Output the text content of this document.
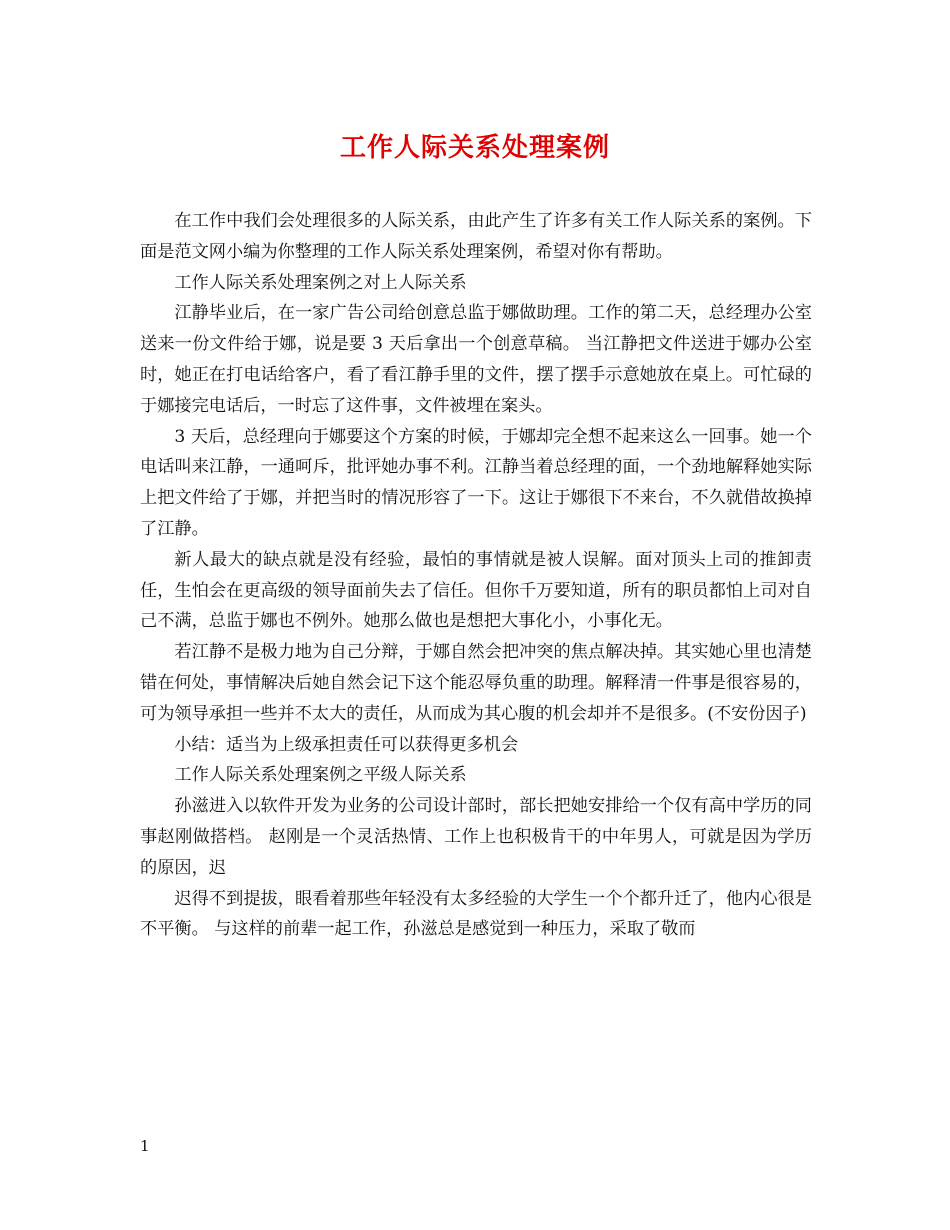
工作人际关系处理案例

在工作中我们会处理很多的人际关系，由此产生了许多有关工作人际关系的案例。下面是范文网小编为你整理的工作人际关系处理案例，希望对你有帮助。

工作人际关系处理案例之对上人际关系

江静毕业后，在一家广告公司给创意总监于娜做助理。工作的第二天，总经理办公室送来一份文件给于娜，说是要 3 天后拿出一个创意草稿。 当江静把文件送进于娜办公室时，她正在打电话给客户，看了看江静手里的文件，摆了摆手示意她放在桌上。可忙碌的于娜接完电话后，一时忘了这件事，文件被埋在案头。

3 天后，总经理向于娜要这个方案的时候，于娜却完全想不起来这么一回事。她一个电话叫来江静，一通呵斥，批评她办事不利。江静当着总经理的面，一个劲地解释她实际上把文件给了于娜，并把当时的情况形容了一下。这让于娜很下不来台，不久就借故换掉了江静。

新人最大的缺点就是没有经验，最怕的事情就是被人误解。面对顶头上司的推卸责任，生怕会在更高级的领导面前失去了信任。但你千万要知道，所有的职员都怕上司对自己不满，总监于娜也不例外。她那么做也是想把大事化小，小事化无。

若江静不是极力地为自己分辩，于娜自然会把冲突的焦点解决掉。其实她心里也清楚错在何处，事情解决后她自然会记下这个能忍辱负重的助理。解释清一件事是很容易的，可为领导承担一些并不太大的责任，从而成为其心腹的机会却并不是很多。(不安份因子)

小结：适当为上级承担责任可以获得更多机会

工作人际关系处理案例之平级人际关系

孙滋进入以软件开发为业务的公司设计部时，部长把她安排给一个仅有高中学历的同事赵刚做搭档。 赵刚是一个灵活热情、工作上也积极肯干的中年男人，可就是因为学历的原因，迟

迟得不到提拔，眼看着那些年轻没有太多经验的大学生一个个都升迁了，他内心很是不平衡。 与这样的前辈一起工作，孙滋总是感觉到一种压力，采取了敬而

1
